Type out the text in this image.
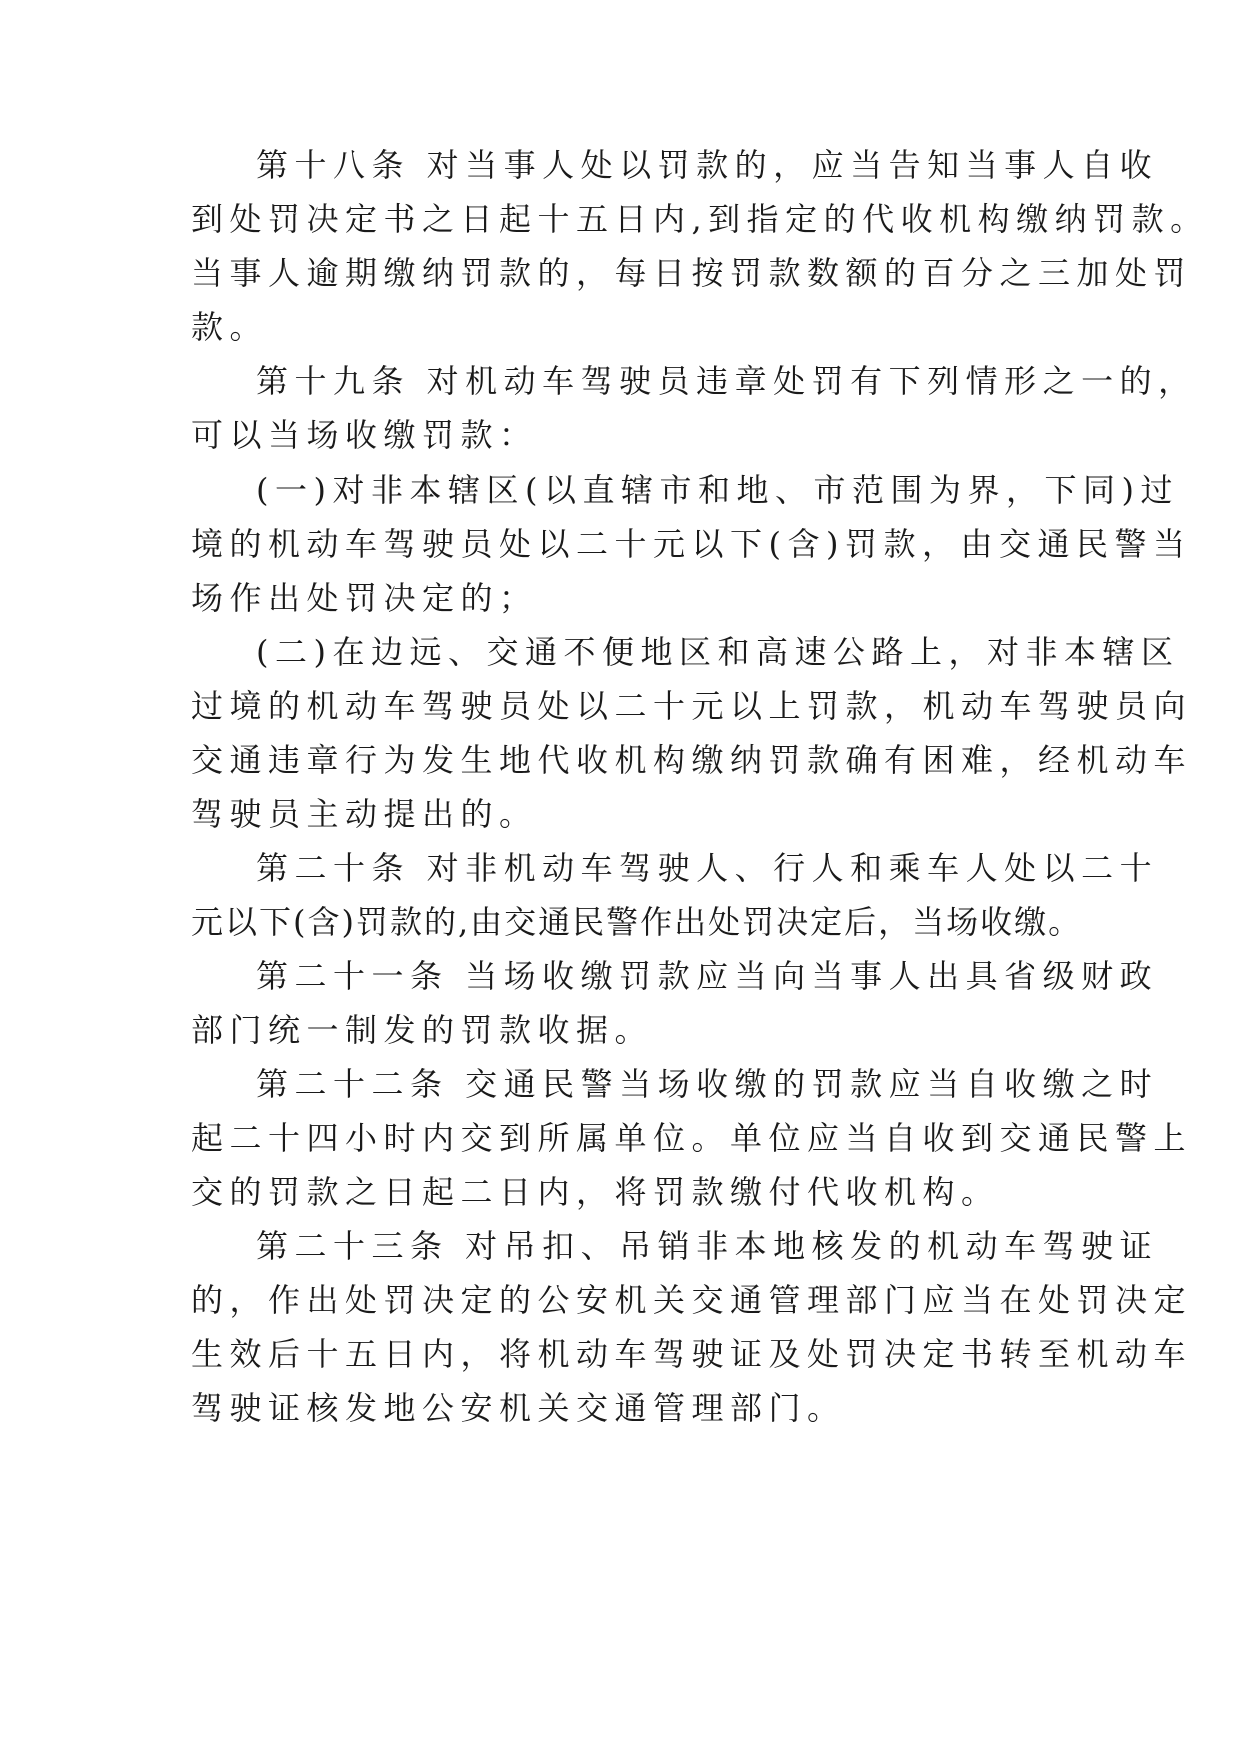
第十八条 对当事人处以罚款的，应当告知当事人自收
到处罚决定书之日起十五日内,到指定的代收机构缴纳罚款。
当事人逾期缴纳罚款的，每日按罚款数额的百分之三加处罚
款。
第十九条 对机动车驾驶员违章处罚有下列情形之一的，
可以当场收缴罚款：
(一)对非本辖区(以直辖市和地、市范围为界，下同)过
境的机动车驾驶员处以二十元以下(含)罚款，由交通民警当
场作出处罚决定的；
(二)在边远、交通不便地区和高速公路上，对非本辖区
过境的机动车驾驶员处以二十元以上罚款，机动车驾驶员向
交通违章行为发生地代收机构缴纳罚款确有困难，经机动车
驾驶员主动提出的。
第二十条 对非机动车驾驶人、行人和乘车人处以二十
元以下(含)罚款的,由交通民警作出处罚决定后，当场收缴。
第二十一条 当场收缴罚款应当向当事人出具省级财政
部门统一制发的罚款收据。
第二十二条 交通民警当场收缴的罚款应当自收缴之时
起二十四小时内交到所属单位。单位应当自收到交通民警上
交的罚款之日起二日内，将罚款缴付代收机构。
第二十三条 对吊扣、吊销非本地核发的机动车驾驶证
的，作出处罚决定的公安机关交通管理部门应当在处罚决定
生效后十五日内，将机动车驾驶证及处罚决定书转至机动车
驾驶证核发地公安机关交通管理部门。
